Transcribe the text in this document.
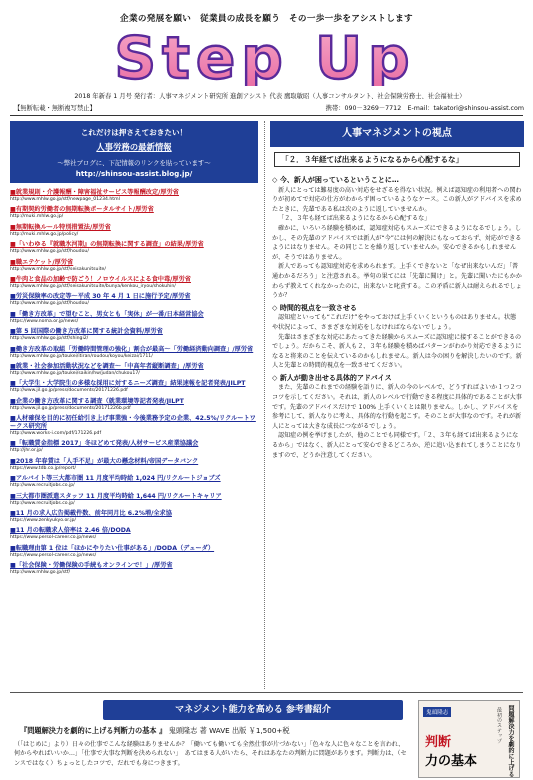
企業の発展を願い　従業員の成長を願う　その一歩一歩をアシストします
Step Up
2018 年新春 1 月号 発行者：人事マネジメント研究所 進創アシスト 代表 鷹取敏昭（人事コンサルタント、社会保険労務士、社会福祉士）
【無断転載・無断複写禁止】	携帯：090－3269－7712　E-mail：takatori@shinsou-assist.com
これだけは押さえておきたい！
人事労務の最新情報
～弊社ブログに、下記情報のリンクを貼っています～
http://shinsou-assist.blog.jp/
■就業規則・介護報酬・障害福祉サービス等報酬改定/厚労省
http://www.mhlw.go.jp/stf/newpage_01234.html
■有期契約労働者の無期転換ポータルサイト/厚労省
http://muki.mhlw.go.jp/
■無期転換ルール特別措置法/厚労省
http://muki.mhlw.go.jp/policy/
■「いわゆる『就職氷河期』の無期転換に関する調査」の結果/厚労省
http://www.mhlw.go.jp/stf/houdou/
■職エテケット/厚労省
http://www.mhlw.go.jp/stf/seisakunitsuite/
■牛肉と食品の加齢で防ごう！ノロウイルスによる食中毒/厚労省
http://www.mhlw.go.jp/stf/seisakunitsuite/bunya/kenkou_iryou/shokuhin/
■労災保険率の改定等～平成 30 年 4 月 1 日に施行予定/厚労省
http://www.mhlw.go.jp/stf/houdou/
■「働き方改革」で望むこと、男女とも「実休」が一番/日本経営協会
https://www.noma.or.jp/news/
■第 5 回国際の働き方改革に関する統計会資料/厚労省
http://www.mhlw.go.jp/stf/shingi2/
■働き方改革の取組「労働時間管理の強化」割合が最高～「労働経済動向調査」/厚労省
http://www.mhlw.go.jp/toukei/itiran/roudou/koyou/keizai/1711/
■就業・社会参加活動状況などを調査～「中高年者縦断調査」/厚労省
http://www.mhlw.go.jp/toukei/saikin/hw/judan/chukou17/
■「大学生・大学院生の多様な採用に対するニーズ調査」結果速報を記者発表/JILPT
http://www.jil.go.jp/press/documents/20171226.pdf
■企業の働き方改革に関する調査（就業環境等記者発表/JILPT
http://www.jil.go.jp/press/documents/20171226b.pdf
■人材確保を目的に初任給引き上げ事業強・今後業務予定の企業、42.5%/リクルートワークス研究所
http://www.works-i.com/pdf/171226.pdf
■「転職賃金指標 2017」冬ほどめて発表/人材サービス産業協議会
http://jhr.or.jp/
■2018 年春賃は「人手不足」が最大の懸念材料/帝国データバンク
https://www.tdb.co.jp/report/
■アルバイト等三大都市圏 11 月度平均時給 1,024 円/リクルートジョブズ
http://www.recruitjobs.co.jp/
■三大都市圏派遣スタッフ 11 月度平均時給 1,644 円/リクルートキャリア
http://www.recruitjobs.co.jp/
■11 月の求人広告掲載件数、前年同月比 6.2%増/全求協
https://www.zenkyukyo.or.jp/
■11 月の転職求人倍率は 2.46 倍/DODA
https://www.persol-career.co.jp/news/
■転職理由第 1 位は「ほかにやりたい仕事がある」/DODA（デューダ）
https://www.persol-career.co.jp/news/
■「社会保険・労働保険の手続もオンラインで！」/厚労省
http://www.mhlw.go.jp/stf/
人事マネジメントの視点
「２．３年経てば出来るようになるから心配するな」
◇ 今、新人が困っているということに…

新人にとっては難易度の高い対応をせざるを得ない状況。例えば認知症の利用者への関わりが初めてで対応の仕方がわからず困っているようなケース。この新人がアドバイスを求めたときに、先輩である私は次のように返していませんか。

「２、３年も経てば出来るようになるから心配するな」

確かに、いろいろ経験を積めば、認知症対応もスムーズにできるようになるでしょう。しかし、その先輩のアドバイスでは新人が“今”には何の解決にもなっておらず、対応ができるようにはなりません。その同じことを繰り返していませんか。安心できるかもしれませんが、そうではありません。

新人であっても認知症対応を求められます。上手くできないと「なぜ出来ないんだ」「普通わかるだろう」と注意される。挙句の果てには「先輩に聞け」と。先輩に聞いたにもかかわらず教えてくれなかったのに、出来ないと叱責する。この矛盾に新人は耐えられるでしょうか？

◇ 時間的視点を一致させる

認知症といっても“これだけ”をやっておけば上手くいくというものはありません。状態や状況によって、さまざまな対応をしなければならないでしょう。

先輩はさまざまな対応にあたってきた経験からスムーズに認知症に接することができるのでしょう。だからこそ、新人も２、３年も経験を積めばパターンがわかり対応できるようになると将来のことを伝えているのかもしれません。新人は今の困りを解決したいのです。新人と先輩との時間的視点を一致させてください。

◇ 新人が動き出せる具体的アドバイス

また、先輩のこれまでの経験を語りに、新人の今のレベルで、どうすればよいか１つ２つコツを示してください。それは、新人のレベルで行動できる程度に具体的であることが大事です。先輩のアドバイスだけで 100% 上手くいくとは限りません。しかし、アドバイスを参考にして、新人なりに考え、具体的な行動を起こす。そのことが大事なのです。それが新人にとっては大きな成長につながるでしょう。

認知症の例を挙げましたが、他のことでも同様です。「２、３年も経てば出来るようになるから」ではなく、新人にとって安心できるどころか、逆に追い込まれてしまうことになりますので、どうか注意してください。

マネジメント能力を高める 参考書紹介
『問題解決力を劇的に上げる判断力の基本 』 鬼頭隆志 著 WAVE 出版 ￥1,500+税
（「はじめに」より）日々の仕事でこんな経験はありませんか？「働いても働いても全然仕事が片づかない」「色々な人に色々なことを言われ、何からやればいいか…」「仕事で大事な判断を決められない」　あてはまる人がいたら、それはあなたの判断力に問題があります。判断力は、（センスではなく）ちょっとしたコツで、だれでも身につきます。
鬼頭隆志	問題解決力を劇的に上げる
最初のステップ
判断
力の基本
